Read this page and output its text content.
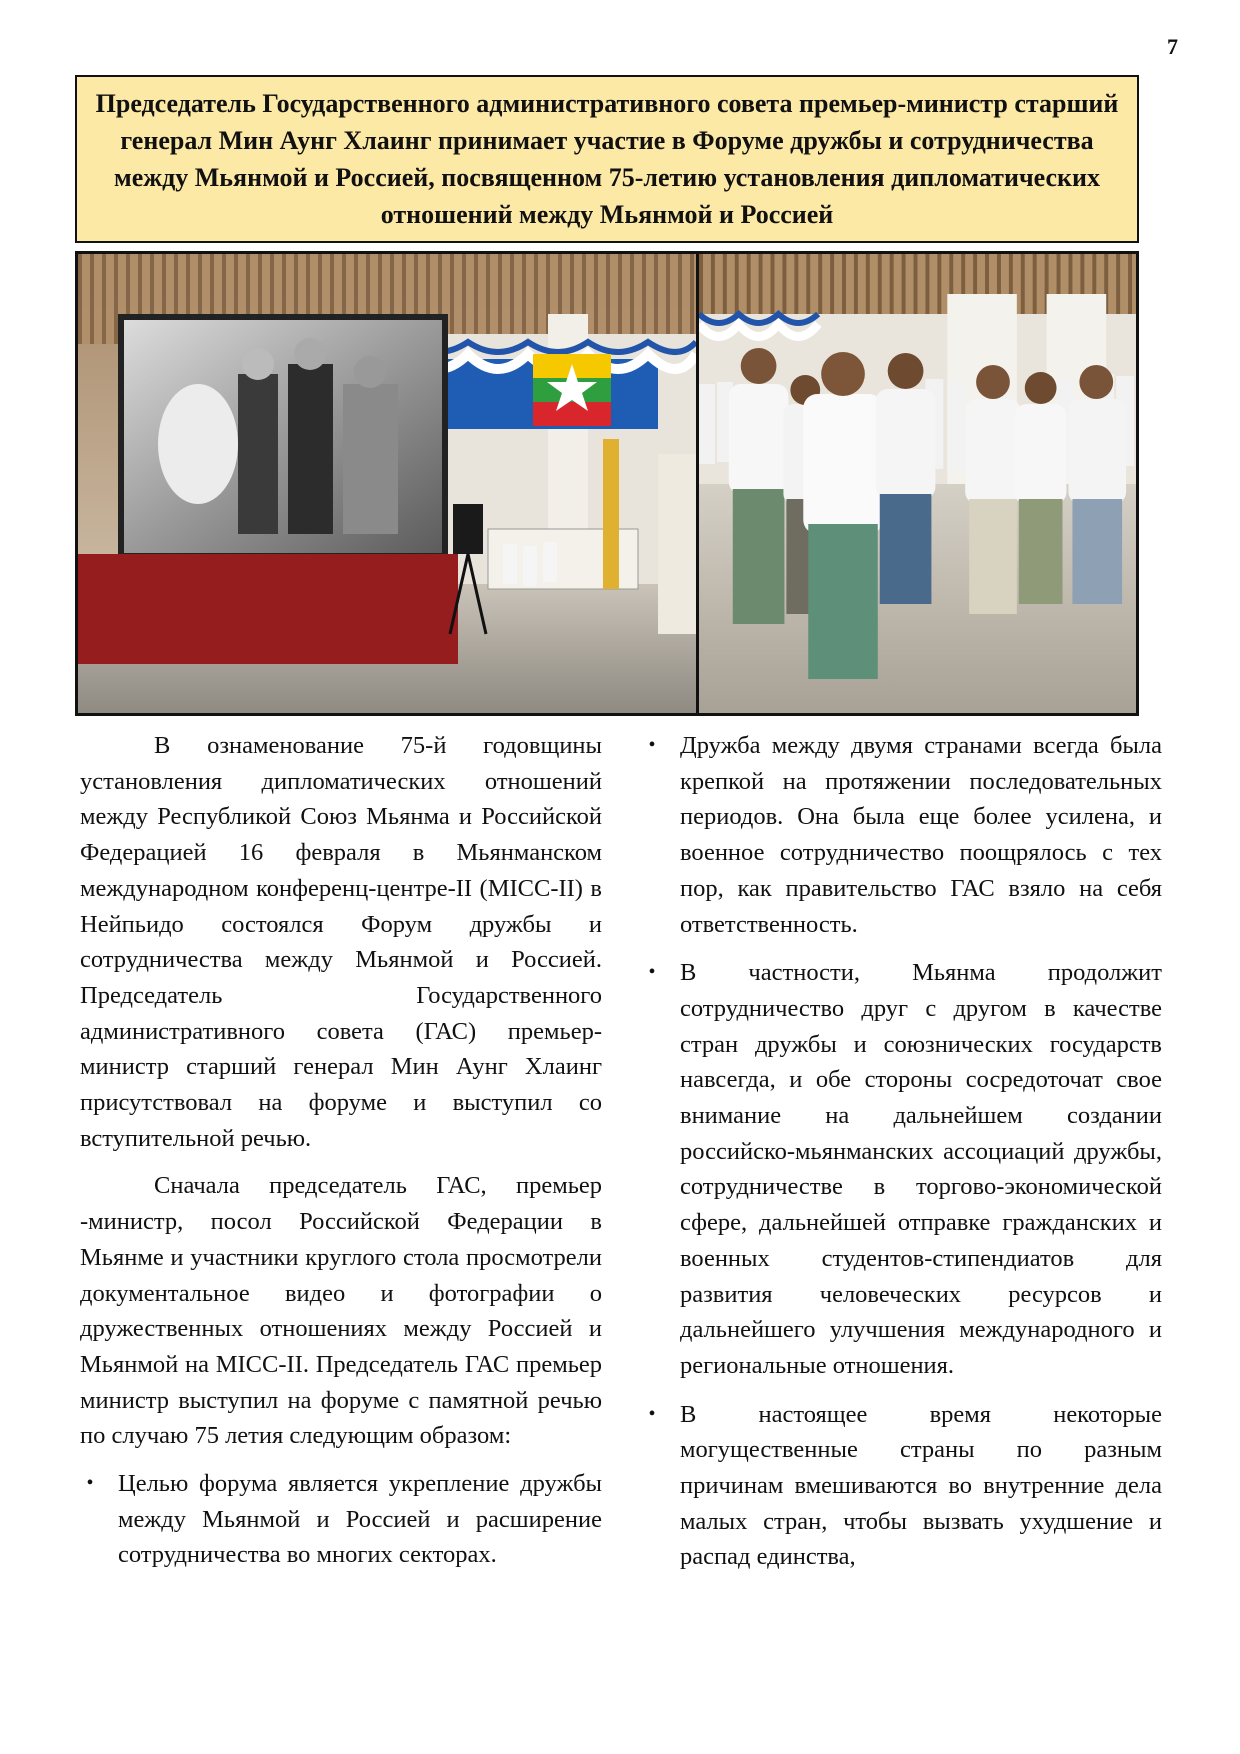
7
Председатель Государственного административного совета премьер-министр старший генерал Мин Аунг Хлаинг принимает участие в Форуме дружбы и сотрудничества между Мьянмой и Россией, посвященном 75-летию установления дипломатических отношений между Мьянмой и Россией

В ознаменование 75-й годовщины установления дипломатических отношений между Республикой Союз Мьянма и Российской Федерацией 16 февраля в Мьянманском международном конференц-центре-II (MICC-II) в Нейпьидо состоялся Форум дружбы и сотрудничества между Мьянмой и Россией. Председатель Государственного административного совета (ГАС) премьер-министр старший генерал Мин Аунг Хлаинг присутствовал на форуме и выступил со вступительной речью.

Сначала председатель ГАС, премьер -министр, посол Российской Федерации в Мьянме и участники круглого стола просмотрели документальное видео и фотографии о дружественных отношениях между Россией и Мьянмой на MICC-II. Председатель ГАС премьер министр выступил на форуме с памятной речью по случаю 75 летия следующим образом:

• Целью форума является укрепление дружбы между Мьянмой и Россией и расширение сотрудничества во многих секторах.
• Дружба между двумя странами всегда была крепкой на протяжении последовательных периодов. Она была еще более усилена, и военное сотрудничество поощрялось с тех пор, как правительство ГАС взяло на себя ответственность.
• В частности, Мьянма продолжит сотрудничество друг с другом в качестве стран дружбы и союзнических государств навсегда, и обе стороны сосредоточат свое внимание на дальнейшем создании российско-мьянманских ассоциаций дружбы, сотрудничестве в торгово-экономической сфере, дальнейшей отправке гражданских и военных студентов-стипендиатов для развития человеческих ресурсов и дальнейшего улучшения международного и региональные отношения.
• В настоящее время некоторые могущественные страны по разным причинам вмешиваются во внутренние дела малых стран, чтобы вызвать ухудшение и распад единства,
